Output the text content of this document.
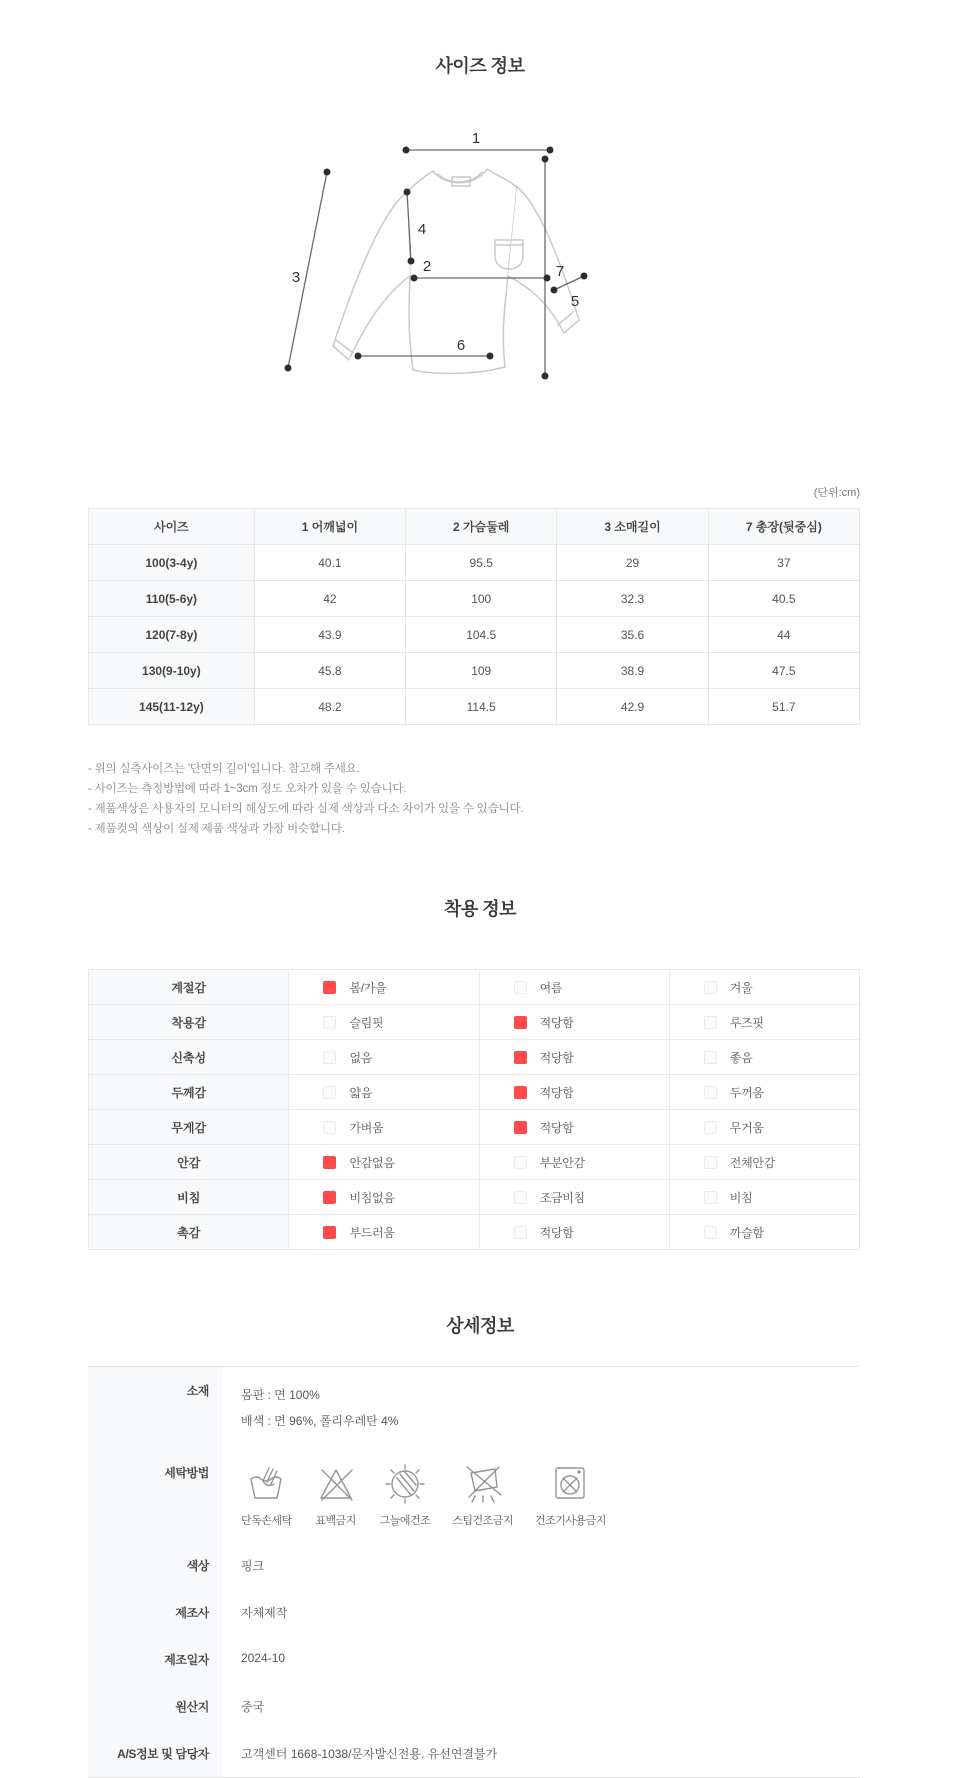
사이즈 정보
1
2
3
4
5
6
7
(단위:cm)
사이즈	1 어깨넓이	2 가슴둘레	3 소매길이	7 총장(뒷중심)
100(3-4y)	40.1	95.5	29	37
110(5-6y)	42	100	32.3	40.5
120(7-8y)	43.9	104.5	35.6	44
130(9-10y)	45.8	109	38.9	47.5
145(11-12y)	48.2	114.5	42.9	51.7
- 위의 실측사이즈는 '단면의 길이'입니다. 참고해 주세요.
- 사이즈는 측정방법에 따라 1~3cm 정도 오차가 있을 수 있습니다.
- 제품색상은 사용자의 모니터의 해상도에 따라 실제 색상과 다소 차이가 있을 수 있습니다.
- 제품컷의 색상이 실제 제품 색상과 가장 비슷합니다.
착용 정보
계절감	봄/가을	여름	겨울
착용감	슬림핏	적당함	루즈핏
신축성	없음	적당함	좋음
두께감	얇음	적당함	두꺼움
무게감	가벼움	적당함	무거움
안감	안감없음	부분안감	전체안감
비침	비침없음	조금비침	비침
촉감	부드러움	적당함	까슬함
상세정보
소재	몸판 : 면 100%
배색 : 면 96%, 폴리우레탄 4%
세탁방법
단독손세탁 표백금지 그늘에건조 스팀건조금지 건조기사용금지
색상	핑크
제조사	자체제작
제조일자	2024-10
원산지	중국
A/S정보 및 담당자	고객센터 1668-1038/문자발신전용. 유선연결불가
